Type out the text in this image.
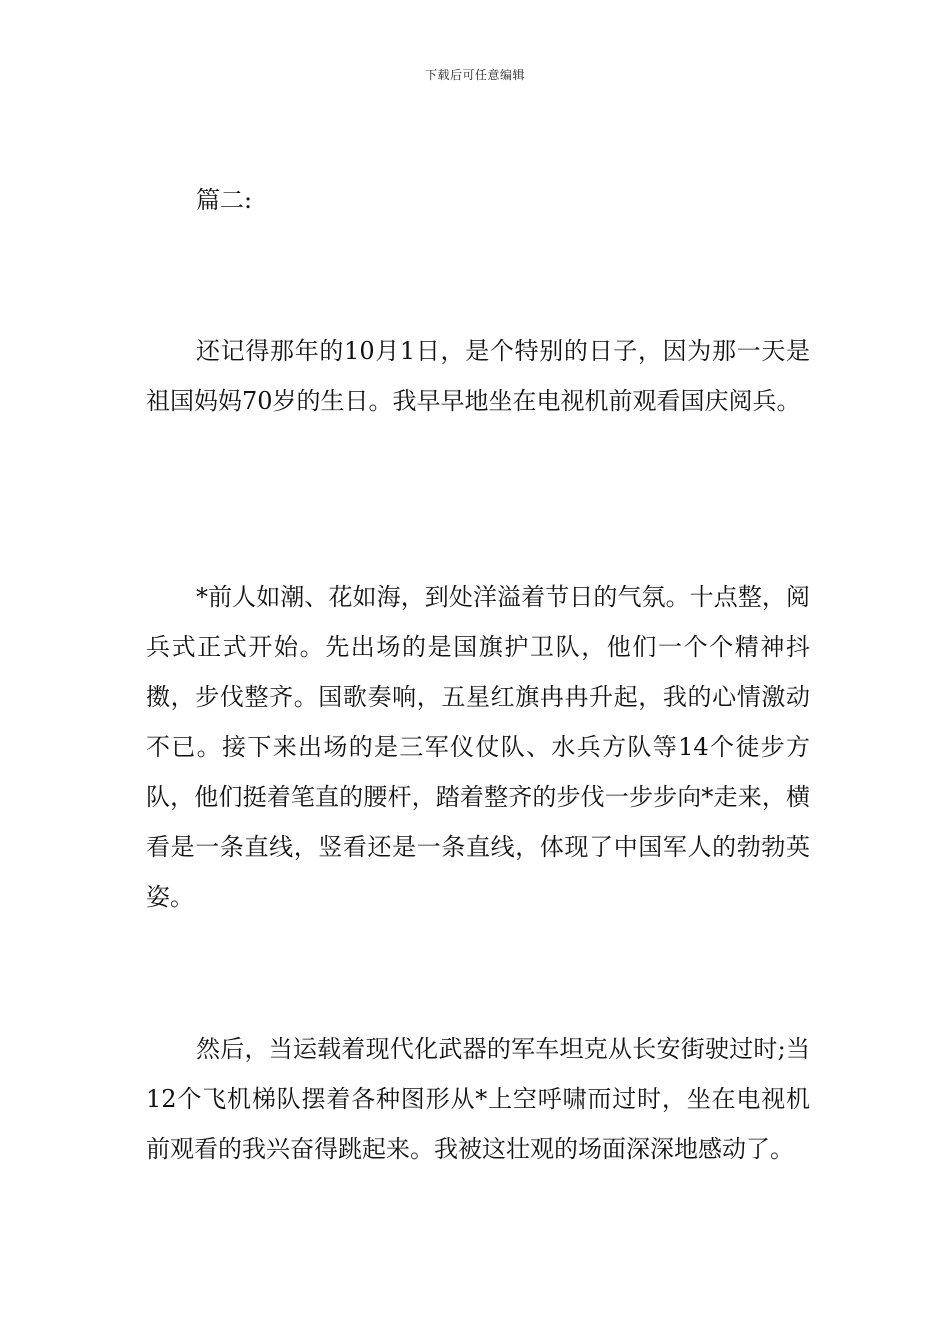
下载后可任意编辑
篇二:

还记得那年的10月1日，是个特别的日子，因为那一天是祖国妈妈70岁的生日。我早早地坐在电视机前观看国庆阅兵。

*前人如潮、花如海，到处洋溢着节日的气氛。十点整，阅兵式正式开始。先出场的是国旗护卫队，他们一个个精神抖擞，步伐整齐。国歌奏响，五星红旗冉冉升起，我的心情激动不已。接下来出场的是三军仪仗队、水兵方队等14个徒步方队，他们挺着笔直的腰杆，踏着整齐的步伐一步步向*走来，横看是一条直线，竖看还是一条直线，体现了中国军人的勃勃英姿。

然后，当运载着现代化武器的军车坦克从长安街驶过时;当12个飞机梯队摆着各种图形从*上空呼啸而过时，坐在电视机前观看的我兴奋得跳起来。我被这壮观的场面深深地感动了。
